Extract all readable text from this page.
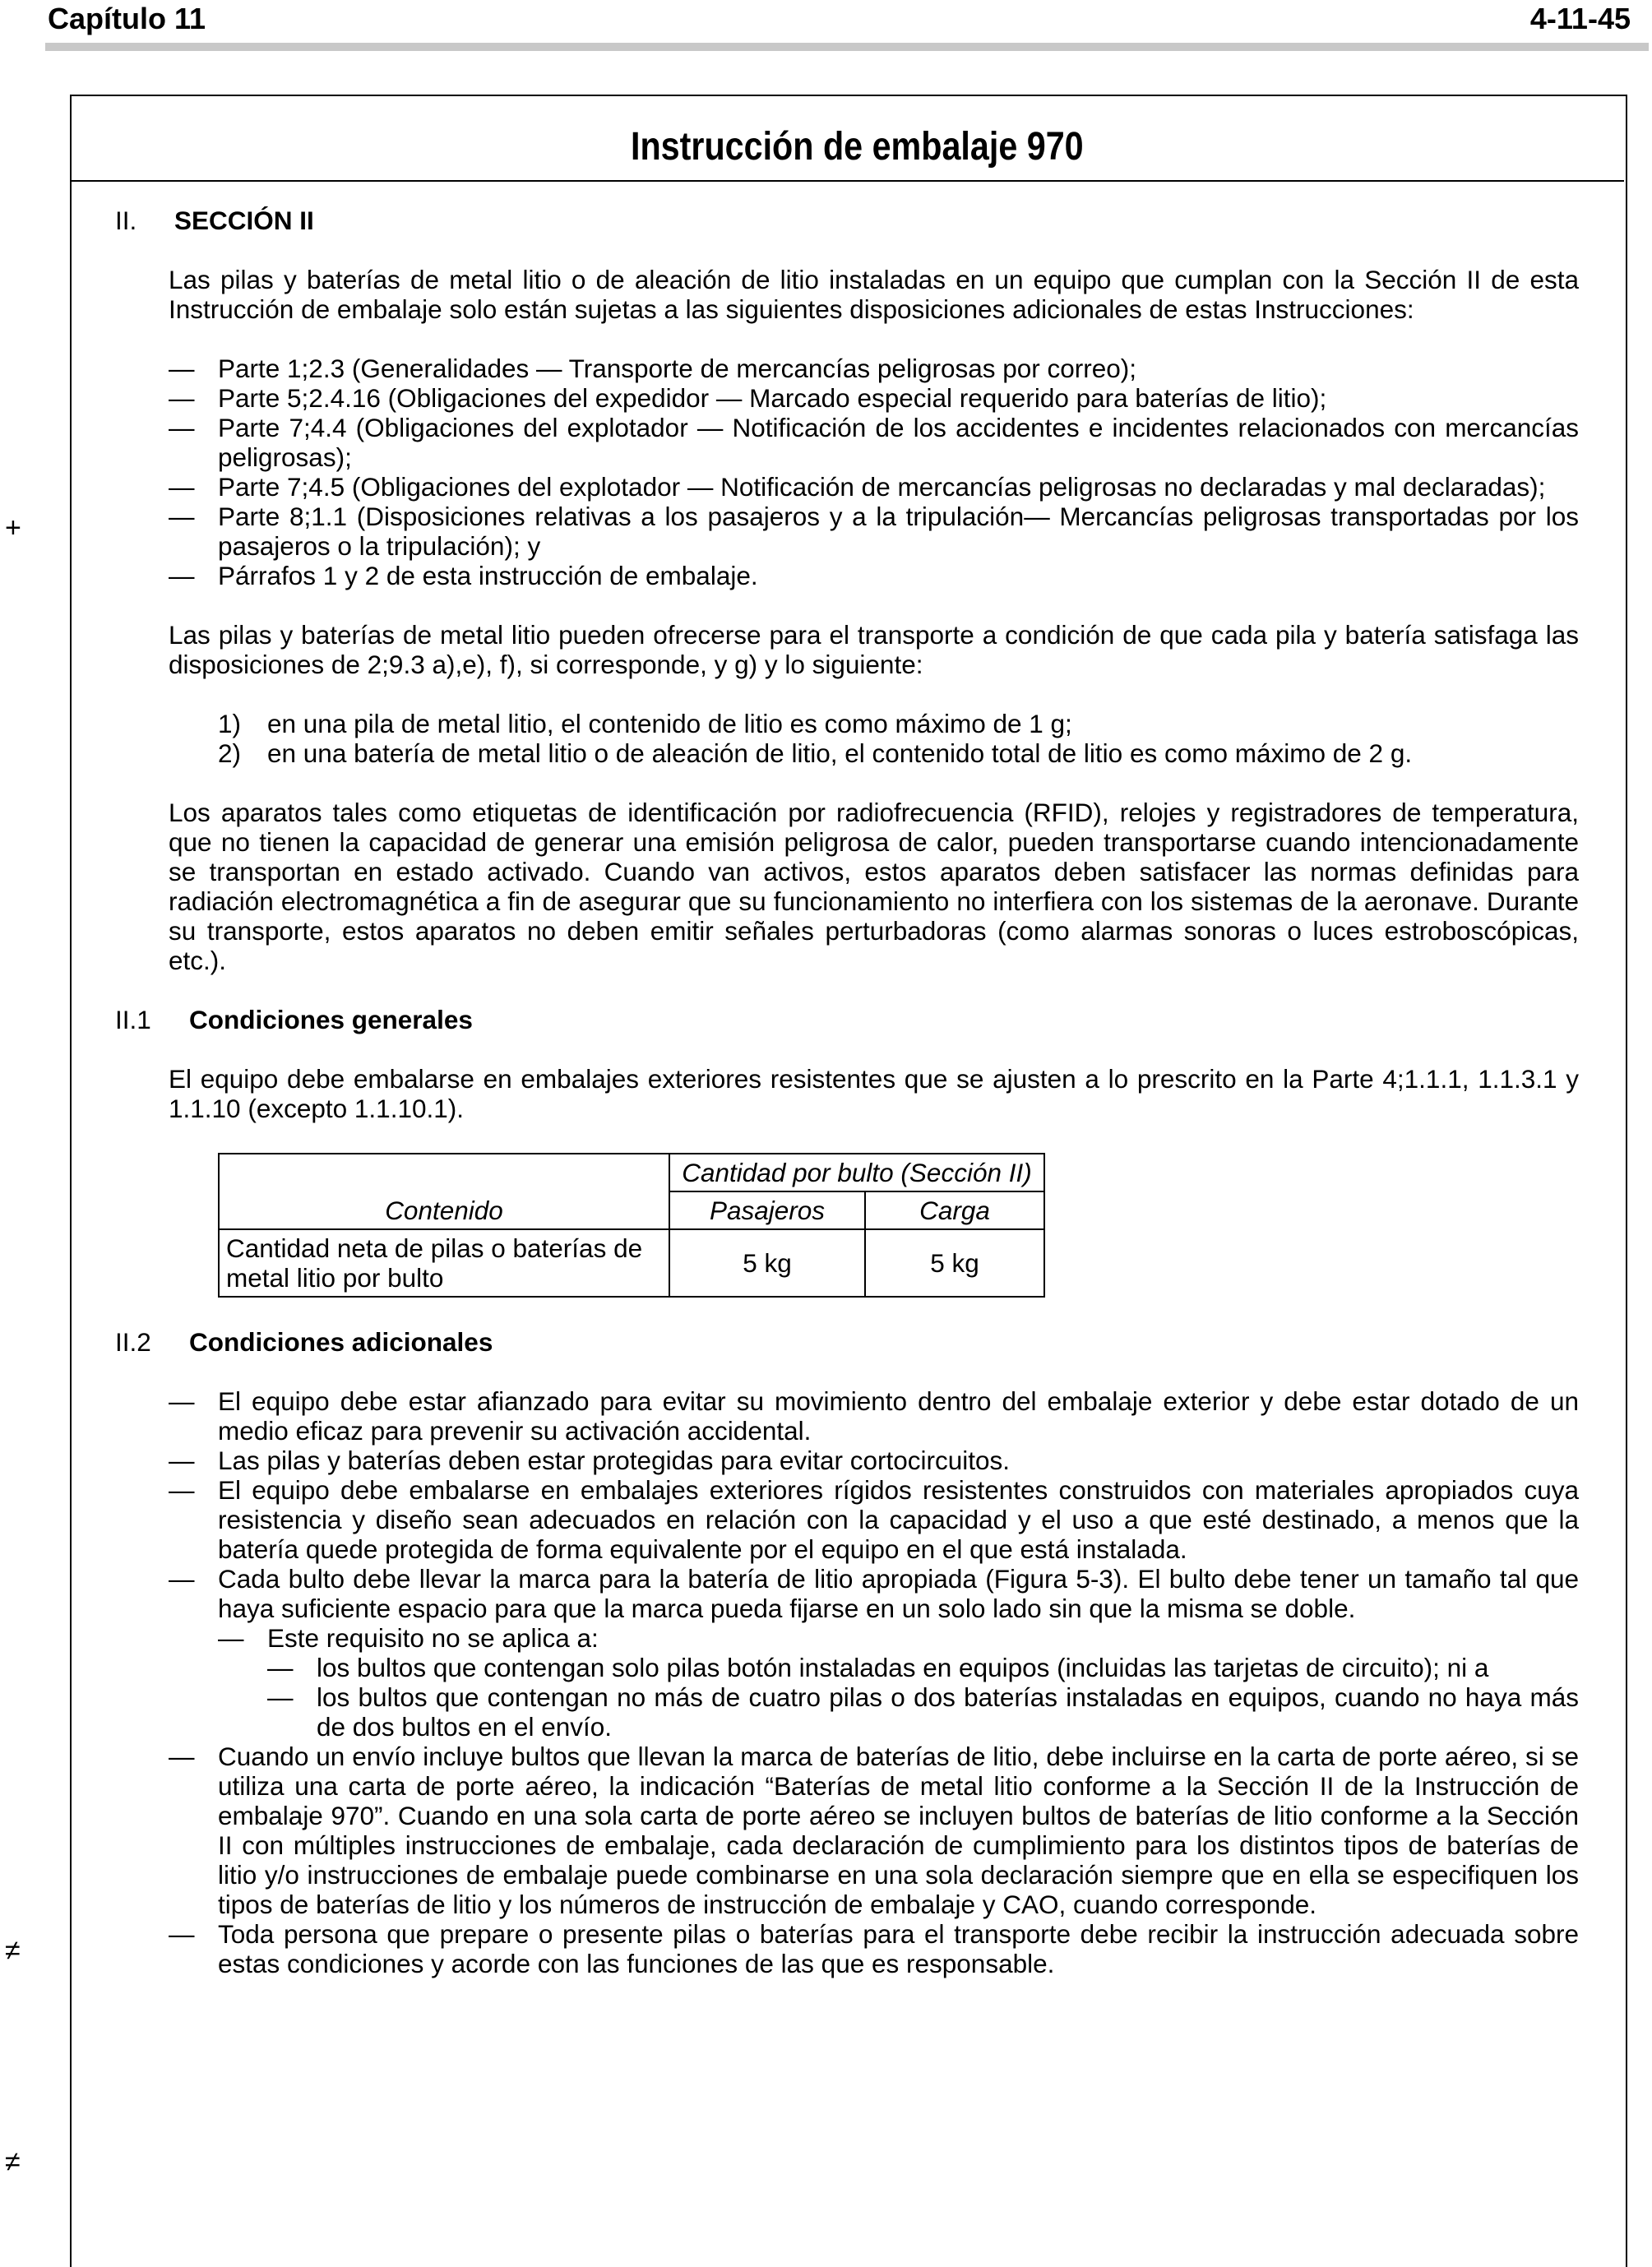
Capítulo 11	4-11-45
Instrucción de embalaje 970
+
≠
≠
II. SECCIÓN II
Las pilas y baterías de metal litio o de aleación de litio instaladas en un equipo que cumplan con la Sección II de esta Instrucción de embalaje solo están sujetas a las siguientes disposiciones adicionales de estas Instrucciones:
— Parte 1;2.3 (Generalidades — Transporte de mercancías peligrosas por correo);
— Parte 5;2.4.16 (Obligaciones del expedidor — Marcado especial requerido para baterías de litio);
— Parte 7;4.4 (Obligaciones del explotador — Notificación de los accidentes e incidentes relacionados con mercancías peligrosas);
— Parte 7;4.5 (Obligaciones del explotador — Notificación de mercancías peligrosas no declaradas y mal declaradas);
— Parte 8;1.1 (Disposiciones relativas a los pasajeros y a la tripulación— Mercancías peligrosas transportadas por los pasajeros o la tripulación); y
— Párrafos 1 y 2 de esta instrucción de embalaje.
Las pilas y baterías de metal litio pueden ofrecerse para el transporte a condición de que cada pila y batería satisfaga las disposiciones de 2;9.3 a),e), f), si corresponde, y g) y lo siguiente:
1) en una pila de metal litio, el contenido de litio es como máximo de 1 g;
2) en una batería de metal litio o de aleación de litio, el contenido total de litio es como máximo de 2 g.
Los aparatos tales como etiquetas de identificación por radiofrecuencia (RFID), relojes y registradores de temperatura, que no tienen la capacidad de generar una emisión peligrosa de calor, pueden transportarse cuando intencionadamente se transportan en estado activado. Cuando van activos, estos aparatos deben satisfacer las normas definidas para radiación electromagnética a fin de asegurar que su funcionamiento no interfiera con los sistemas de la aeronave. Durante su transporte, estos aparatos no deben emitir señales perturbadoras (como alarmas sonoras o luces estroboscópicas, etc.).
II.1 Condiciones generales
El equipo debe embalarse en embalajes exteriores resistentes que se ajusten a lo prescrito en la Parte 4;1.1.1, 1.1.3.1 y 1.1.10 (excepto 1.1.10.1).
Contenido	Cantidad por bulto (Sección II)	
	Pasajeros	Carga
Cantidad neta de pilas o baterías de metal litio por bulto	5 kg	5 kg
II.2 Condiciones adicionales
— El equipo debe estar afianzado para evitar su movimiento dentro del embalaje exterior y debe estar dotado de un medio eficaz para prevenir su activación accidental.
— Las pilas y baterías deben estar protegidas para evitar cortocircuitos.
— El equipo debe embalarse en embalajes exteriores rígidos resistentes construidos con materiales apropiados cuya resistencia y diseño sean adecuados en relación con la capacidad y el uso a que esté destinado, a menos que la batería quede protegida de forma equivalente por el equipo en el que está instalada.
— Cada bulto debe llevar la marca para la batería de litio apropiada (Figura 5-3). El bulto debe tener un tamaño tal que haya suficiente espacio para que la marca pueda fijarse en un solo lado sin que la misma se doble.
— Este requisito no se aplica a:
— los bultos que contengan solo pilas botón instaladas en equipos (incluidas las tarjetas de circuito); ni a
— los bultos que contengan no más de cuatro pilas o dos baterías instaladas en equipos, cuando no haya más de dos bultos en el envío.
— Cuando un envío incluye bultos que llevan la marca de baterías de litio, debe incluirse en la carta de porte aéreo, si se utiliza una carta de porte aéreo, la indicación “Baterías de metal litio conforme a la Sección II de la Instrucción de embalaje 970”. Cuando en una sola carta de porte aéreo se incluyen bultos de baterías de litio conforme a la Sección II con múltiples instrucciones de embalaje, cada declaración de cumplimiento para los distintos tipos de baterías de litio y/o instrucciones de embalaje puede combinarse en una sola declaración siempre que en ella se especifiquen los tipos de baterías de litio y los números de instrucción de embalaje y CAO, cuando corresponde.
— Toda persona que prepare o presente pilas o baterías para el transporte debe recibir la instrucción adecuada sobre estas condiciones y acorde con las funciones de las que es responsable.
